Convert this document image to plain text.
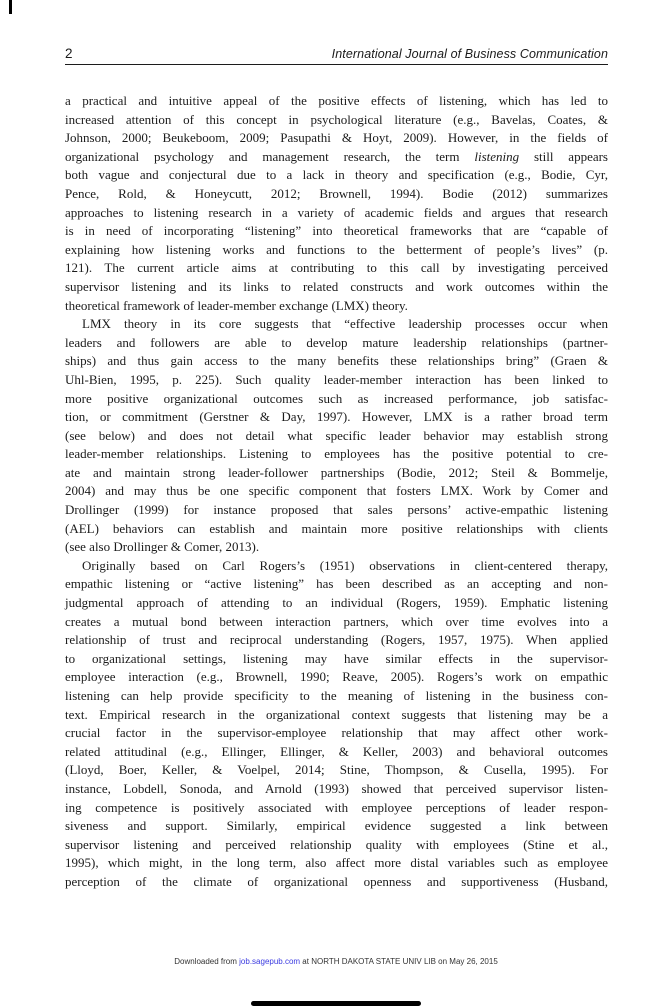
2	International Journal of Business Communication
a practical and intuitive appeal of the positive effects of listening, which has led to
increased attention of this concept in psychological literature (e.g., Bavelas, Coates, &
Johnson, 2000; Beukeboom, 2009; Pasupathi & Hoyt, 2009). However, in the fields of
organizational psychology and management research, the term listening still appears
both vague and conjectural due to a lack in theory and specification (e.g., Bodie, Cyr,
Pence, Rold, & Honeycutt, 2012; Brownell, 1994). Bodie (2012) summarizes
approaches to listening research in a variety of academic fields and argues that research
is in need of incorporating “listening” into theoretical frameworks that are “capable of
explaining how listening works and functions to the betterment of people’s lives” (p.
121). The current article aims at contributing to this call by investigating perceived
supervisor listening and its links to related constructs and work outcomes within the
theoretical framework of leader-member exchange (LMX) theory.
LMX theory in its core suggests that “effective leadership processes occur when
leaders and followers are able to develop mature leadership relationships (partner-
ships) and thus gain access to the many benefits these relationships bring” (Graen &
Uhl-Bien, 1995, p. 225). Such quality leader-member interaction has been linked to
more positive organizational outcomes such as increased performance, job satisfac-
tion, or commitment (Gerstner & Day, 1997). However, LMX is a rather broad term
(see below) and does not detail what specific leader behavior may establish strong
leader-member relationships. Listening to employees has the positive potential to cre-
ate and maintain strong leader-follower partnerships (Bodie, 2012; Steil & Bommelje,
2004) and may thus be one specific component that fosters LMX. Work by Comer and
Drollinger (1999) for instance proposed that sales persons’ active-empathic listening
(AEL) behaviors can establish and maintain more positive relationships with clients
(see also Drollinger & Comer, 2013).
Originally based on Carl Rogers’s (1951) observations in client-centered therapy,
empathic listening or “active listening” has been described as an accepting and non-
judgmental approach of attending to an individual (Rogers, 1959). Emphatic listening
creates a mutual bond between interaction partners, which over time evolves into a
relationship of trust and reciprocal understanding (Rogers, 1957, 1975). When applied
to organizational settings, listening may have similar effects in the supervisor-
employee interaction (e.g., Brownell, 1990; Reave, 2005). Rogers’s work on empathic
listening can help provide specificity to the meaning of listening in the business con-
text. Empirical research in the organizational context suggests that listening may be a
crucial factor in the supervisor-employee relationship that may affect other work-
related attitudinal (e.g., Ellinger, Ellinger, & Keller, 2003) and behavioral outcomes
(Lloyd, Boer, Keller, & Voelpel, 2014; Stine, Thompson, & Cusella, 1995). For
instance, Lobdell, Sonoda, and Arnold (1993) showed that perceived supervisor listen-
ing competence is positively associated with employee perceptions of leader respon-
siveness and support. Similarly, empirical evidence suggested a link between
supervisor listening and perceived relationship quality with employees (Stine et al.,
1995), which might, in the long term, also affect more distal variables such as employee
perception of the climate of organizational openness and supportiveness (Husband,
Downloaded from job.sagepub.com at NORTH DAKOTA STATE UNIV LIB on May 26, 2015
